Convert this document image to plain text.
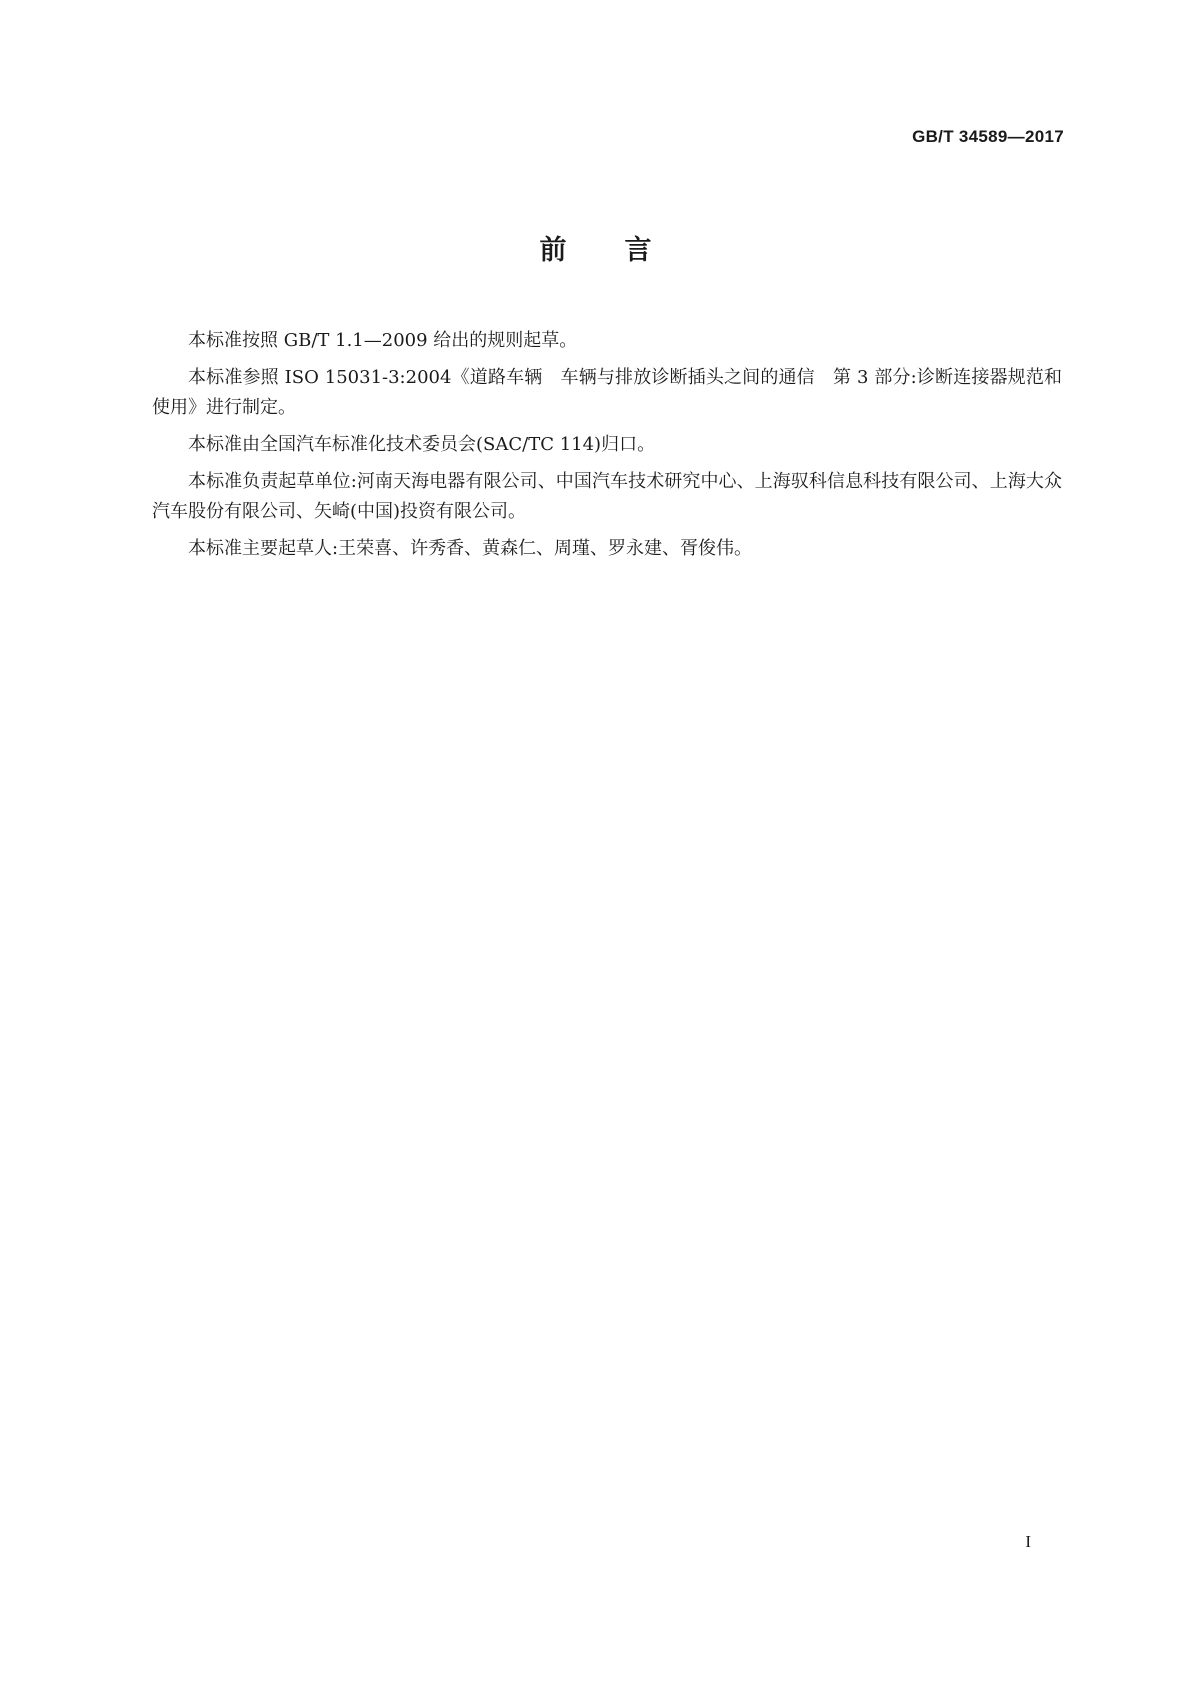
GB/T 34589—2017
前言

本标准按照 GB/T 1.1—2009 给出的规则起草。

本标准参照 ISO 15031-3:2004《道路车辆　车辆与排放诊断插头之间的通信　第 3 部分:诊断连接器规范和使用》进行制定。

本标准由全国汽车标准化技术委员会(SAC/TC 114)归口。

本标准负责起草单位:河南天海电器有限公司、中国汽车技术研究中心、上海驭科信息科技有限公司、上海大众汽车股份有限公司、矢崎(中国)投资有限公司。

本标准主要起草人:王荣喜、许秀香、黄森仁、周瑾、罗永建、胥俊伟。

I
